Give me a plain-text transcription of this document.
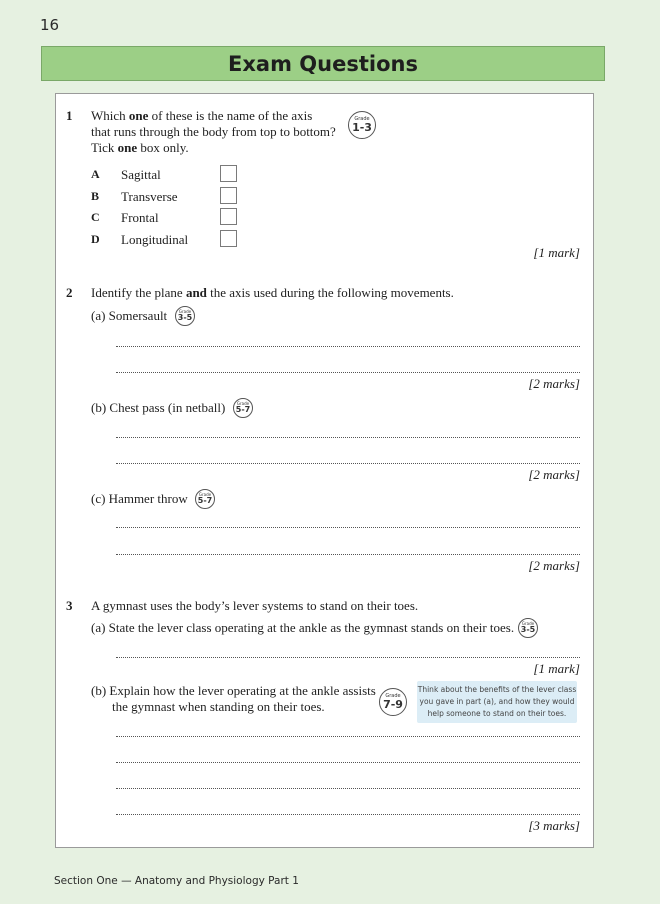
16
Exam Questions
1 Which one of these is the name of the axis
that runs through the body from top to bottom?
Tick one box only.
Grade
1-3
A Sagittal
B Transverse
C Frontal
D Longitudinal
[1 mark]
2 Identify the plane and the axis used during the following movements.
(a) Somersault	Grade
3-5
[2 marks]
(b) Chest pass (in netball)	Grade
5-7
[2 marks]
(c) Hammer throw	Grade
5-7
[2 marks]
3 A gymnast uses the body’s lever systems to stand on their toes.
(a) State the lever class operating at the ankle as the gymnast stands on their toes. Grade
3-5
[1 mark]
(b) Explain how the lever operating at the ankle assists
the gymnast when standing on their toes.
Grade
7-9
Think about the benefits of the lever class
you gave in part (a), and how they would
help someone to stand on their toes.
[3 marks]
Section One — Anatomy and Physiology Part 1
